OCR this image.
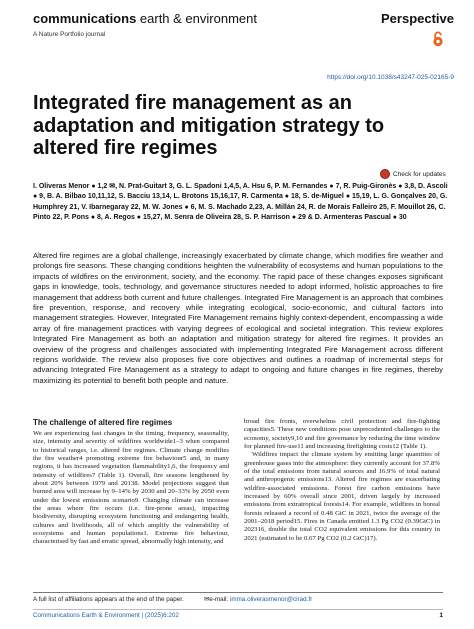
communications earth & environment
A Nature Portfolio journal
Perspective
https://doi.org/10.1038/s43247-025-02165-9
Integrated fire management as an adaptation and mitigation strategy to altered fire regimes
Check for updates
I. Oliveras Menor ● 1,2 ✉, N. Prat-Guitart 3, G. L. Spadoni 1,4,5, A. Hsu 6, P. M. Fernandes ● 7, R. Puig-Gironès ● 3,8, D. Ascoli ● 9, B. A. Bilbao 10,11,12, S. Bacciu 13,14, L. Brotons 15,16,17, R. Carmenta ● 18, S. de-Miguel ● 15,19, L. G. Gonçalves 20, G. Humphrey 21, V. Ibarnegaray 22, M. W. Jones ● 6, M. S. Machado 2,23, A. Millán 24, R. de Morais Falleiro 25, F. Mouillot 26, C. Pinto 22, P. Pons ● 8, A. Regos ● 15,27, M. Senra de Oliveira 28, S. P. Harrison ● 29 & D. Armenteras Pascual ● 30
Altered fire regimes are a global challenge, increasingly exacerbated by climate change, which modifies fire weather and prolongs fire seasons. These changing conditions heighten the vulnerability of ecosystems and human populations to the impacts of wildfires on the environment, society, and the economy. The rapid pace of these changes exposes significant gaps in knowledge, tools, technology, and governance structures needed to adopt informed, holistic approaches to fire management that address both current and future challenges. Integrated Fire Management is an approach that combines fire prevention, response, and recovery while integrating ecological, socio-economic, and cultural factors into management strategies. However, Integrated Fire Management remains highly context-dependent, encompassing a wide array of fire management practices with varying degrees of ecological and societal integration. This review explores Integrated Fire Management as both an adaptation and mitigation strategy for altered fire regimes. It provides an overview of the progress and challenges associated with implementing Integrated Fire Management across different regions worldwide. The review also proposes five core objectives and outlines a roadmap of incremental steps for advancing Integrated Fire Management as a strategy to adapt to ongoing and future changes in fire regimes, thereby maximizing its potential to benefit both people and nature.
The challenge of altered fire regimes

We are experiencing fast changes in the timing, frequency, seasonality, size, intensity and severity of wildfires worldwide1–3 when compared to historical ranges, i.e. altered fire regimes. Climate change modifies the fire weather4 promoting extreme fire behaviour5 and, in many regions, it has increased vegetation flammability1,6, the frequency and intensity of wildfires7 (Table 1). Overall, fire seasons lengthened by about 20% between 1979 and 20138. Model projections suggest that burned area will increase by 9–14% by 2030 and 20–33% by 2050 even under the lowest emissions scenario9. Changing climate can increase the areas where fire occurs (i.e. fire-prone areas), impacting biodiversity, disrupting ecosystem functioning and endangering health, cultures and livelihoods, all of which amplify the vulnerability of ecosystems and human populations1. Extreme fire behaviour, characterised by fast and erratic spread, abnormally high intensity, and

broad fire fronts, overwhelms civil protection and fire-fighting capacities5. These new conditions pose unprecedented challenges to the economy, society9,10 and fire governance by reducing the time window for planned fire-use11 and increasing firefighting costs12 (Table 1).

Wildfires impact the climate system by emitting large quantities of greenhouse gases into the atmosphere: they currently account for 37.8% of the total emissions from natural sources and 16.9% of total natural and anthropogenic emissions13. Altered fire regimes are exacerbating wildfire-associated emissions. Forest fire carbon emissions have increased by 60% overall since 2001, driven largely by increased emissions from extratropical forests14. For example, wildfires in boreal forests released a record of 0.48 GtC in 2021, twice the average of the 2001–2018 period15. Fires in Canada emitted 1.3 Pg CO2 (0.39GtC) in 202316, double the total CO2 equivalent emissions for this country in 2021 (estimated to be 0.67 Pg CO2 (0.2 GtC)17).

A full list of affiliations appears at the end of the paper.	✉e-mail: imma.oliverasmenor@cirad.fr
Communications Earth & Environment | (2025)6:202	1
